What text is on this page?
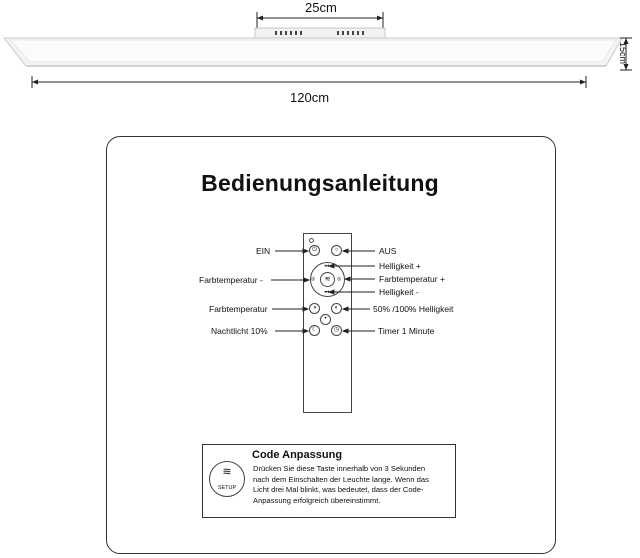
25cm
120cm
15cm
Bedienungsanleitung
⏻	○
≋
◂◂
◂◂
◎	◎
◑	◐
•
☾	◷
EIN	AUS
Helligkeit +
Farbtemperatur +
Helligkeit -
Farbtemperatur -
Farbtemperatur	50% /100% Helligkeit
Nachtlicht 10%	Timer 1 Minute
≋
SETUP
Code Anpassung
Drücken Sie diese Taste innerhalb von 3 Sekunden
nach dem Einschalten der Leuchte lange. Wenn das
Licht drei Mal blinkt, was bedeutet, dass der Code-
Anpassung erfolgreich übereinstimmt.
